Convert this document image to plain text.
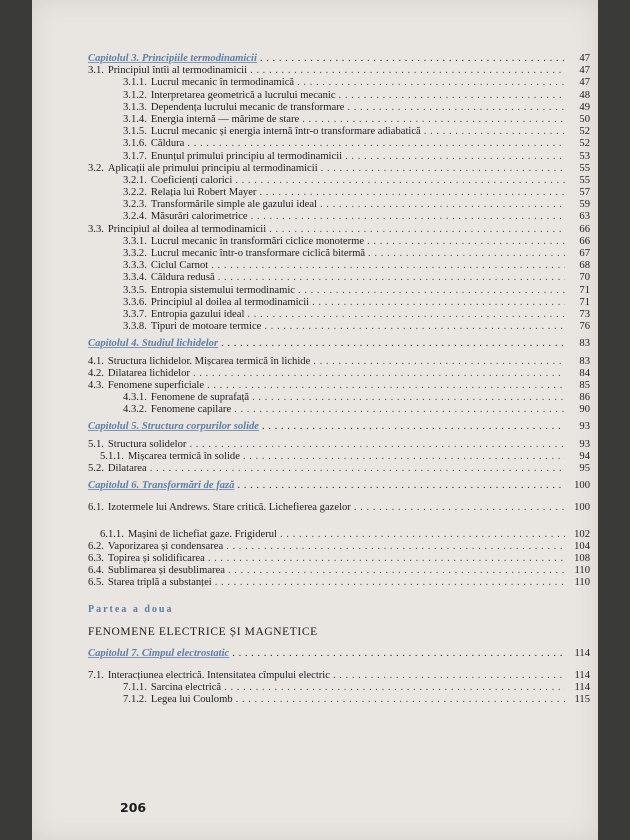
Capitolul 3. Principiile termodinamicii . . .	47
3.1. Principiul întîi al termodinamicii . . .	47
3.1.1. Lucrul mecanic în termodinamică . . .	47
3.1.2. Interpretarea geometrică a lucrului mecanic . . .	48
3.1.3. Dependența lucrului mecanic de transformare . . .	49
3.1.4. Energia internă — mărime de stare . . .	50
3.1.5. Lucrul mecanic și energia internă într-o transformare adiabatică . . .	52
3.1.6. Căldura . . .	52
3.1.7. Enunțul primului principiu al termodinamicii . . .	53
3.2. Aplicații ale primului principiu al termodinamicii . . .	55
3.2.1. Coeficienți calorici . . .	55
3.2.2. Relația lui Robert Mayer . . .	57
3.2.3. Transformările simple ale gazului ideal . . .	59
3.2.4. Măsurări calorimetrice . . .	63
3.3. Principiul al doilea al termodinamicii . . .	66
3.3.1. Lucrul mecanic în transformări ciclice monoterme . . .	66
3.3.2. Lucrul mecanic într-o transformare ciclică bitermă . . .	67
3.3.3. Ciclul Carnot . . .	68
3.3.4. Căldura redusă . . .	70
3.3.5. Entropia sistemului termodinamic . . .	71
3.3.6. Principiul al doilea al termodinamicii . . .	71
3.3.7. Entropia gazului ideal . . .	73
3.3.8. Tipuri de motoare termice . . .	76
Capitolul 4. Studiul lichidelor . . .	83
4.1. Structura lichidelor. Mișcarea termică în lichide . . .	83
4.2. Dilatarea lichidelor . . .	84
4.3. Fenomene superficiale . . .	85
4.3.1. Fenomene de suprafață . . .	86
4.3.2. Fenomene capilare . . .	90
Capitolul 5. Structura corpurilor solide . . .	93
5.1. Structura solidelor . . .	93
5.1.1. Mișcarea termică în solide . . .	94
5.2. Dilatarea . . .	95
Capitolul 6. Transformări de fază . . .	100
6.1. Izotermele lui Andrews. Stare critică. Lichefierea gazelor . . .	100
6.1.1. Mașini de lichefiat gaze. Frigiderul . . .	102
6.2. Vaporizarea și condensarea . . .	104
6.3. Topirea și solidificarea . . .	108
6.4. Sublimarea și desublimarea . . .	110
6.5. Starea triplă a substanței . . .	110
Partea a doua
FENOMENE ELECTRICE ȘI MAGNETICE
Capitolul 7. Cîmpul electrostatic . . .	114
7.1. Interacțiunea electrică. Intensitatea cîmpului electric . . .	114
7.1.1. Sarcina electrică . . .	114
7.1.2. Legea lui Coulomb . . .	115
206
